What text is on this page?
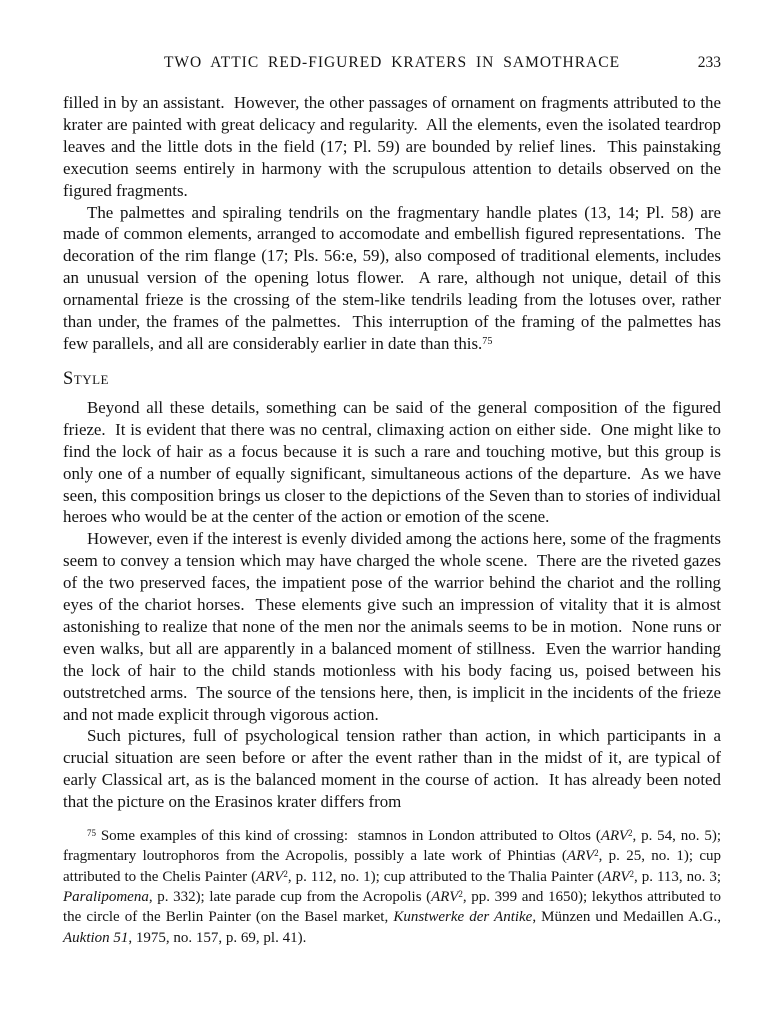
TWO ATTIC RED-FIGURED KRATERS IN SAMOTHRACE	233

filled in by an assistant.  However, the other passages of ornament on fragments attributed to the krater are painted with great delicacy and regularity.  All the elements, even the isolated teardrop leaves and the little dots in the field (17; Pl. 59) are bounded by relief lines.  This painstaking execution seems entirely in harmony with the scrupulous attention to details observed on the figured fragments.

The palmettes and spiraling tendrils on the fragmentary handle plates (13, 14; Pl. 58) are made of common elements, arranged to accomodate and embellish figured representations.  The decoration of the rim flange (17; Pls. 56:e, 59), also composed of traditional elements, includes an unusual version of the opening lotus flower.  A rare, although not unique, detail of this ornamental frieze is the crossing of the stem-like tendrils leading from the lotuses over, rather than under, the frames of the palmettes.  This interruption of the framing of the palmettes has few parallels, and all are considerably earlier in date than this.$^{75}$

Style

Beyond all these details, something can be said of the general composition of the figured frieze.  It is evident that there was no central, climaxing action on either side.  One might like to find the lock of hair as a focus because it is such a rare and touching motive, but this group is only one of a number of equally significant, simultaneous actions of the departure.  As we have seen, this composition brings us closer to the depictions of the Seven than to stories of individual heroes who would be at the center of the action or emotion of the scene.

However, even if the interest is evenly divided among the actions here, some of the fragments seem to convey a tension which may have charged the whole scene.  There are the riveted gazes of the two preserved faces, the impatient pose of the warrior behind the chariot and the rolling eyes of the chariot horses.  These elements give such an impression of vitality that it is almost astonishing to realize that none of the men nor the animals seems to be in motion.  None runs or even walks, but all are apparently in a balanced moment of stillness.  Even the warrior handing the lock of hair to the child stands motionless with his body facing us, poised between his outstretched arms.  The source of the tensions here, then, is implicit in the incidents of the frieze and not made explicit through vigorous action.

Such pictures, full of psychological tension rather than action, in which participants in a crucial situation are seen before or after the event rather than in the midst of it, are typical of early Classical art, as is the balanced moment in the course of action.  It has already been noted that the picture on the Erasinos krater differs from

$^{75}$ Some examples of this kind of crossing:  stamnos in London attributed to Oltos (ARV$^2$, p. 54, no. 5); fragmentary loutrophoros from the Acropolis, possibly a late work of Phintias (ARV$^2$, p. 25, no. 1); cup attributed to the Chelis Painter (ARV$^2$, p. 112, no. 1); cup attributed to the Thalia Painter (ARV$^2$, p. 113, no. 3; Paralipomena, p. 332); late parade cup from the Acropolis (ARV$^2$, pp. 399 and 1650); lekythos attributed to the circle of the Berlin Painter (on the Basel market, Kunstwerke der Antike, Münzen und Medaillen A.G., Auktion 51, 1975, no. 157, p. 69, pl. 41).
